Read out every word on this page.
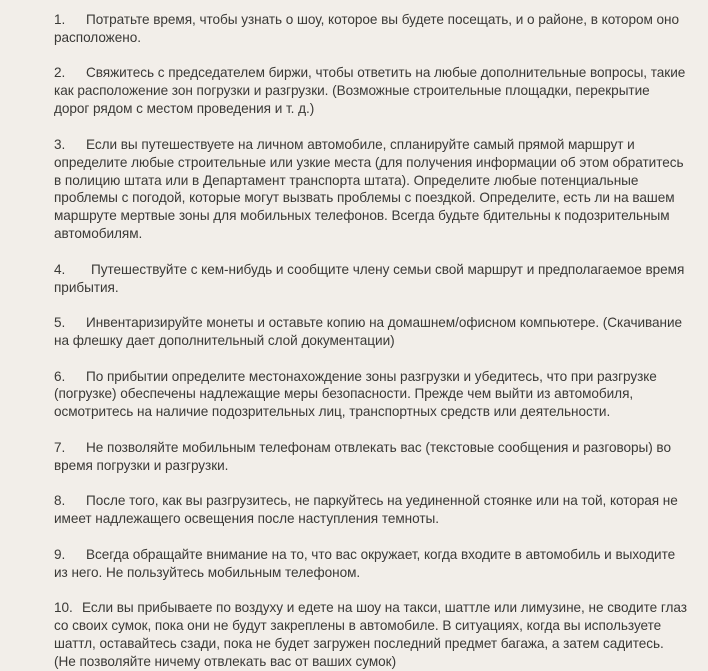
1. Потратьте время, чтобы узнать о шоу, которое вы будете посещать, и о районе, в котором оно расположено.
2. Свяжитесь с председателем биржи, чтобы ответить на любые дополнительные вопросы, такие как расположение зон погрузки и разгрузки. (Возможные строительные площадки, перекрытие дорог рядом с местом проведения и т. д.)
3. Если вы путешествуете на личном автомобиле, спланируйте самый прямой маршрут и определите любые строительные или узкие места (для получения информации об этом обратитесь в полицию штата или в Департамент транспорта штата). Определите любые потенциальные проблемы с погодой, которые могут вызвать проблемы с поездкой. Определите, есть ли на вашем маршруте мертвые зоны для мобильных телефонов. Всегда будьте бдительны к подозрительным автомобилям.
4. Путешествуйте с кем-нибудь и сообщите члену семьи свой маршрут и предполагаемое время прибытия.
5. Инвентаризируйте монеты и оставьте копию на домашнем/офисном компьютере. (Скачивание на флешку дает дополнительный слой документации)
6. По прибытии определите местонахождение зоны разгрузки и убедитесь, что при разгрузке (погрузке) обеспечены надлежащие меры безопасности. Прежде чем выйти из автомобиля, осмотритесь на наличие подозрительных лиц, транспортных средств или деятельности.
7. Не позволяйте мобильным телефонам отвлекать вас (текстовые сообщения и разговоры) во время погрузки и разгрузки.
8. После того, как вы разгрузитесь, не паркуйтесь на уединенной стоянке или на той, которая не имеет надлежащего освещения после наступления темноты.
9. Всегда обращайте внимание на то, что вас окружает, когда входите в автомобиль и выходите из него. Не пользуйтесь мобильным телефоном.
10. Если вы прибываете по воздуху и едете на шоу на такси, шаттле или лимузине, не сводите глаз со своих сумок, пока они не будут закреплены в автомобиле. В ситуациях, когда вы используете шаттл, оставайтесь сзади, пока не будет загружен последний предмет багажа, а затем садитесь. (Не позволяйте ничему отвлекать вас от ваших сумок)
